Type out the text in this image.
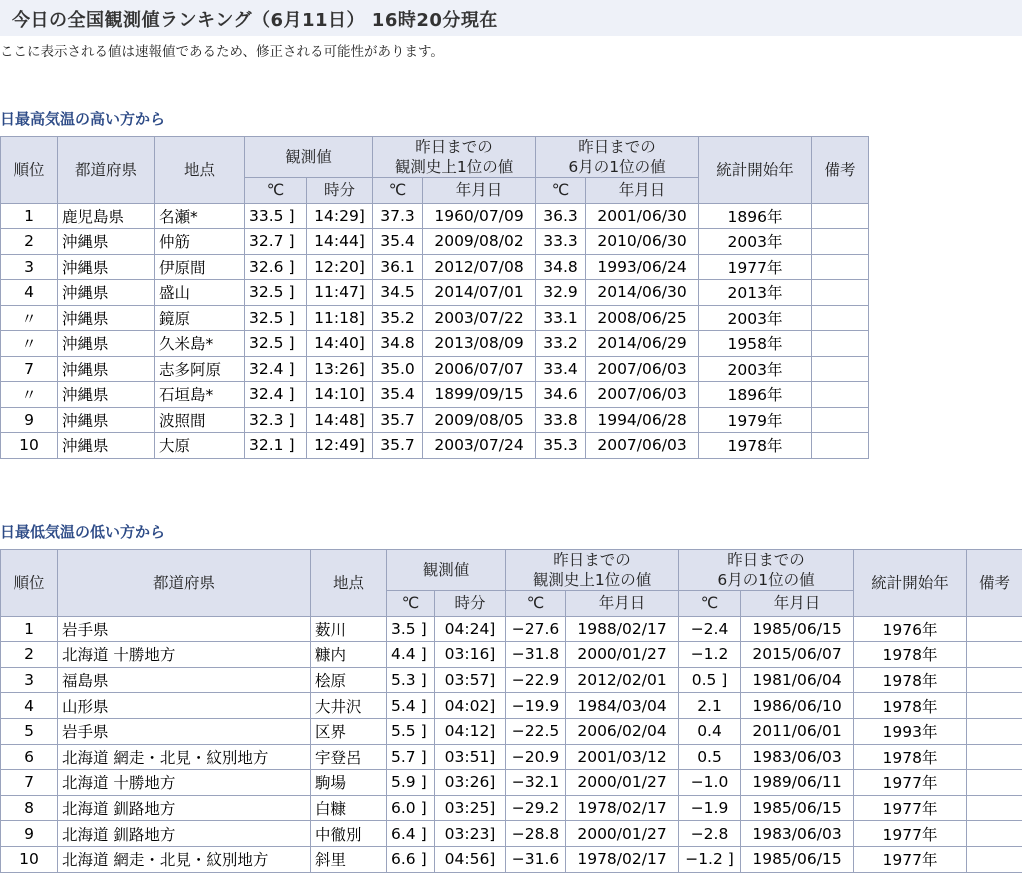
今日の全国観測値ランキング（6月11日） 16時20分現在
ここに表示される値は速報値であるため、修正される可能性があります。
日最高気温の高い方から
順位	都道府県	地点	観測値		昨日までの
観測史上1位の値		昨日までの
6月の1位の値		統計開始年	備考
			℃	時分	℃	年月日	℃	年月日		
1	鹿児島県	名瀬*	33.5 ]	14:29]	37.3	1960/07/09	36.3	2001/06/30	1896年	
2	沖縄県	仲筋	32.7 ]	14:44]	35.4	2009/08/02	33.3	2010/06/30	2003年	
3	沖縄県	伊原間	32.6 ]	12:20]	36.1	2012/07/08	34.8	1993/06/24	1977年	
4	沖縄県	盛山	32.5 ]	11:47]	34.5	2014/07/01	32.9	2014/06/30	2013年	
〃	沖縄県	鏡原	32.5 ]	11:18]	35.2	2003/07/22	33.1	2008/06/25	2003年	
〃	沖縄県	久米島*	32.5 ]	14:40]	34.8	2013/08/09	33.2	2014/06/29	1958年	
7	沖縄県	志多阿原	32.4 ]	13:26]	35.0	2006/07/07	33.4	2007/06/03	2003年	
〃	沖縄県	石垣島*	32.4 ]	14:10]	35.4	1899/09/15	34.6	2007/06/03	1896年	
9	沖縄県	波照間	32.3 ]	14:48]	35.7	2009/08/05	33.8	1994/06/28	1979年	
10	沖縄県	大原	32.1 ]	12:49]	35.7	2003/07/24	35.3	2007/06/03	1978年	
日最低気温の低い方から
順位	都道府県	地点	観測値		昨日までの
観測史上1位の値		昨日までの
6月の1位の値		統計開始年	備考
			℃	時分	℃	年月日	℃	年月日		
1	岩手県	薮川	3.5 ]	04:24]	−27.6	1988/02/17	−2.4	1985/06/15	1976年	
2	北海道 十勝地方	糠内	4.4 ]	03:16]	−31.8	2000/01/27	−1.2	2015/06/07	1978年	
3	福島県	桧原	5.3 ]	03:57]	−22.9	2012/02/01	0.5 ]	1981/06/04	1978年	
4	山形県	大井沢	5.4 ]	04:02]	−19.9	1984/03/04	2.1	1986/06/10	1978年	
5	岩手県	区界	5.5 ]	04:12]	−22.5	2006/02/04	0.4	2011/06/01	1993年	
6	北海道 網走・北見・紋別地方	宇登呂	5.7 ]	03:51]	−20.9	2001/03/12	0.5	1983/06/03	1978年	
7	北海道 十勝地方	駒場	5.9 ]	03:26]	−32.1	2000/01/27	−1.0	1989/06/11	1977年	
8	北海道 釧路地方	白糠	6.0 ]	03:25]	−29.2	1978/02/17	−1.9	1985/06/15	1977年	
9	北海道 釧路地方	中徹別	6.4 ]	03:23]	−28.8	2000/01/27	−2.8	1983/06/03	1977年	
10	北海道 網走・北見・紋別地方	斜里	6.6 ]	04:56]	−31.6	1978/02/17	−1.2 ]	1985/06/15	1977年	
